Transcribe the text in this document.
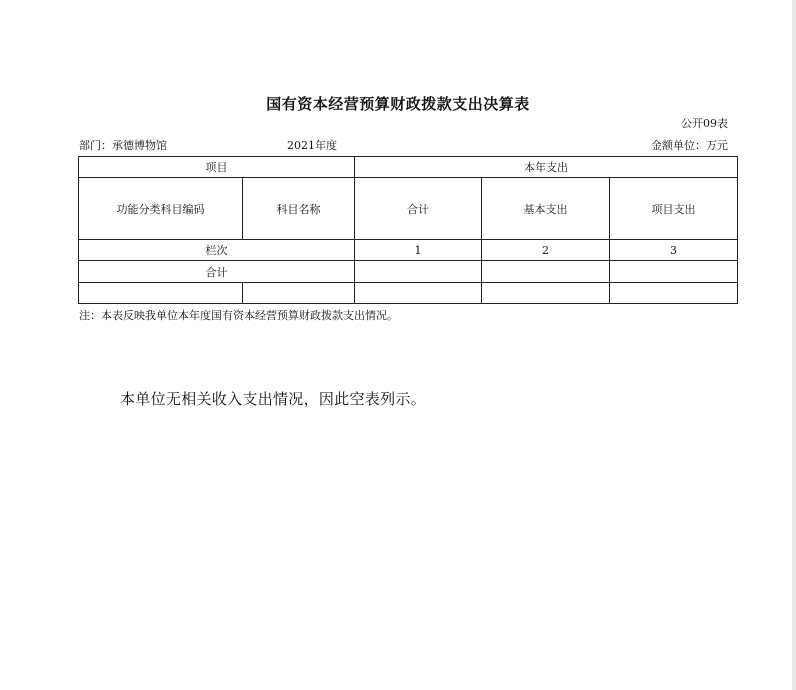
国有资本经营预算财政拨款支出决算表
公开09表
部门：承德博物馆	2021年度	金额单位：万元
项目		本年支出		
功能分类科目编码	科目名称	合计	基本支出	项目支出
栏次		1	2	3
合计				

注：本表反映我单位本年度国有资本经营预算财政拨款支出情况。
本单位无相关收入支出情况，因此空表列示。
